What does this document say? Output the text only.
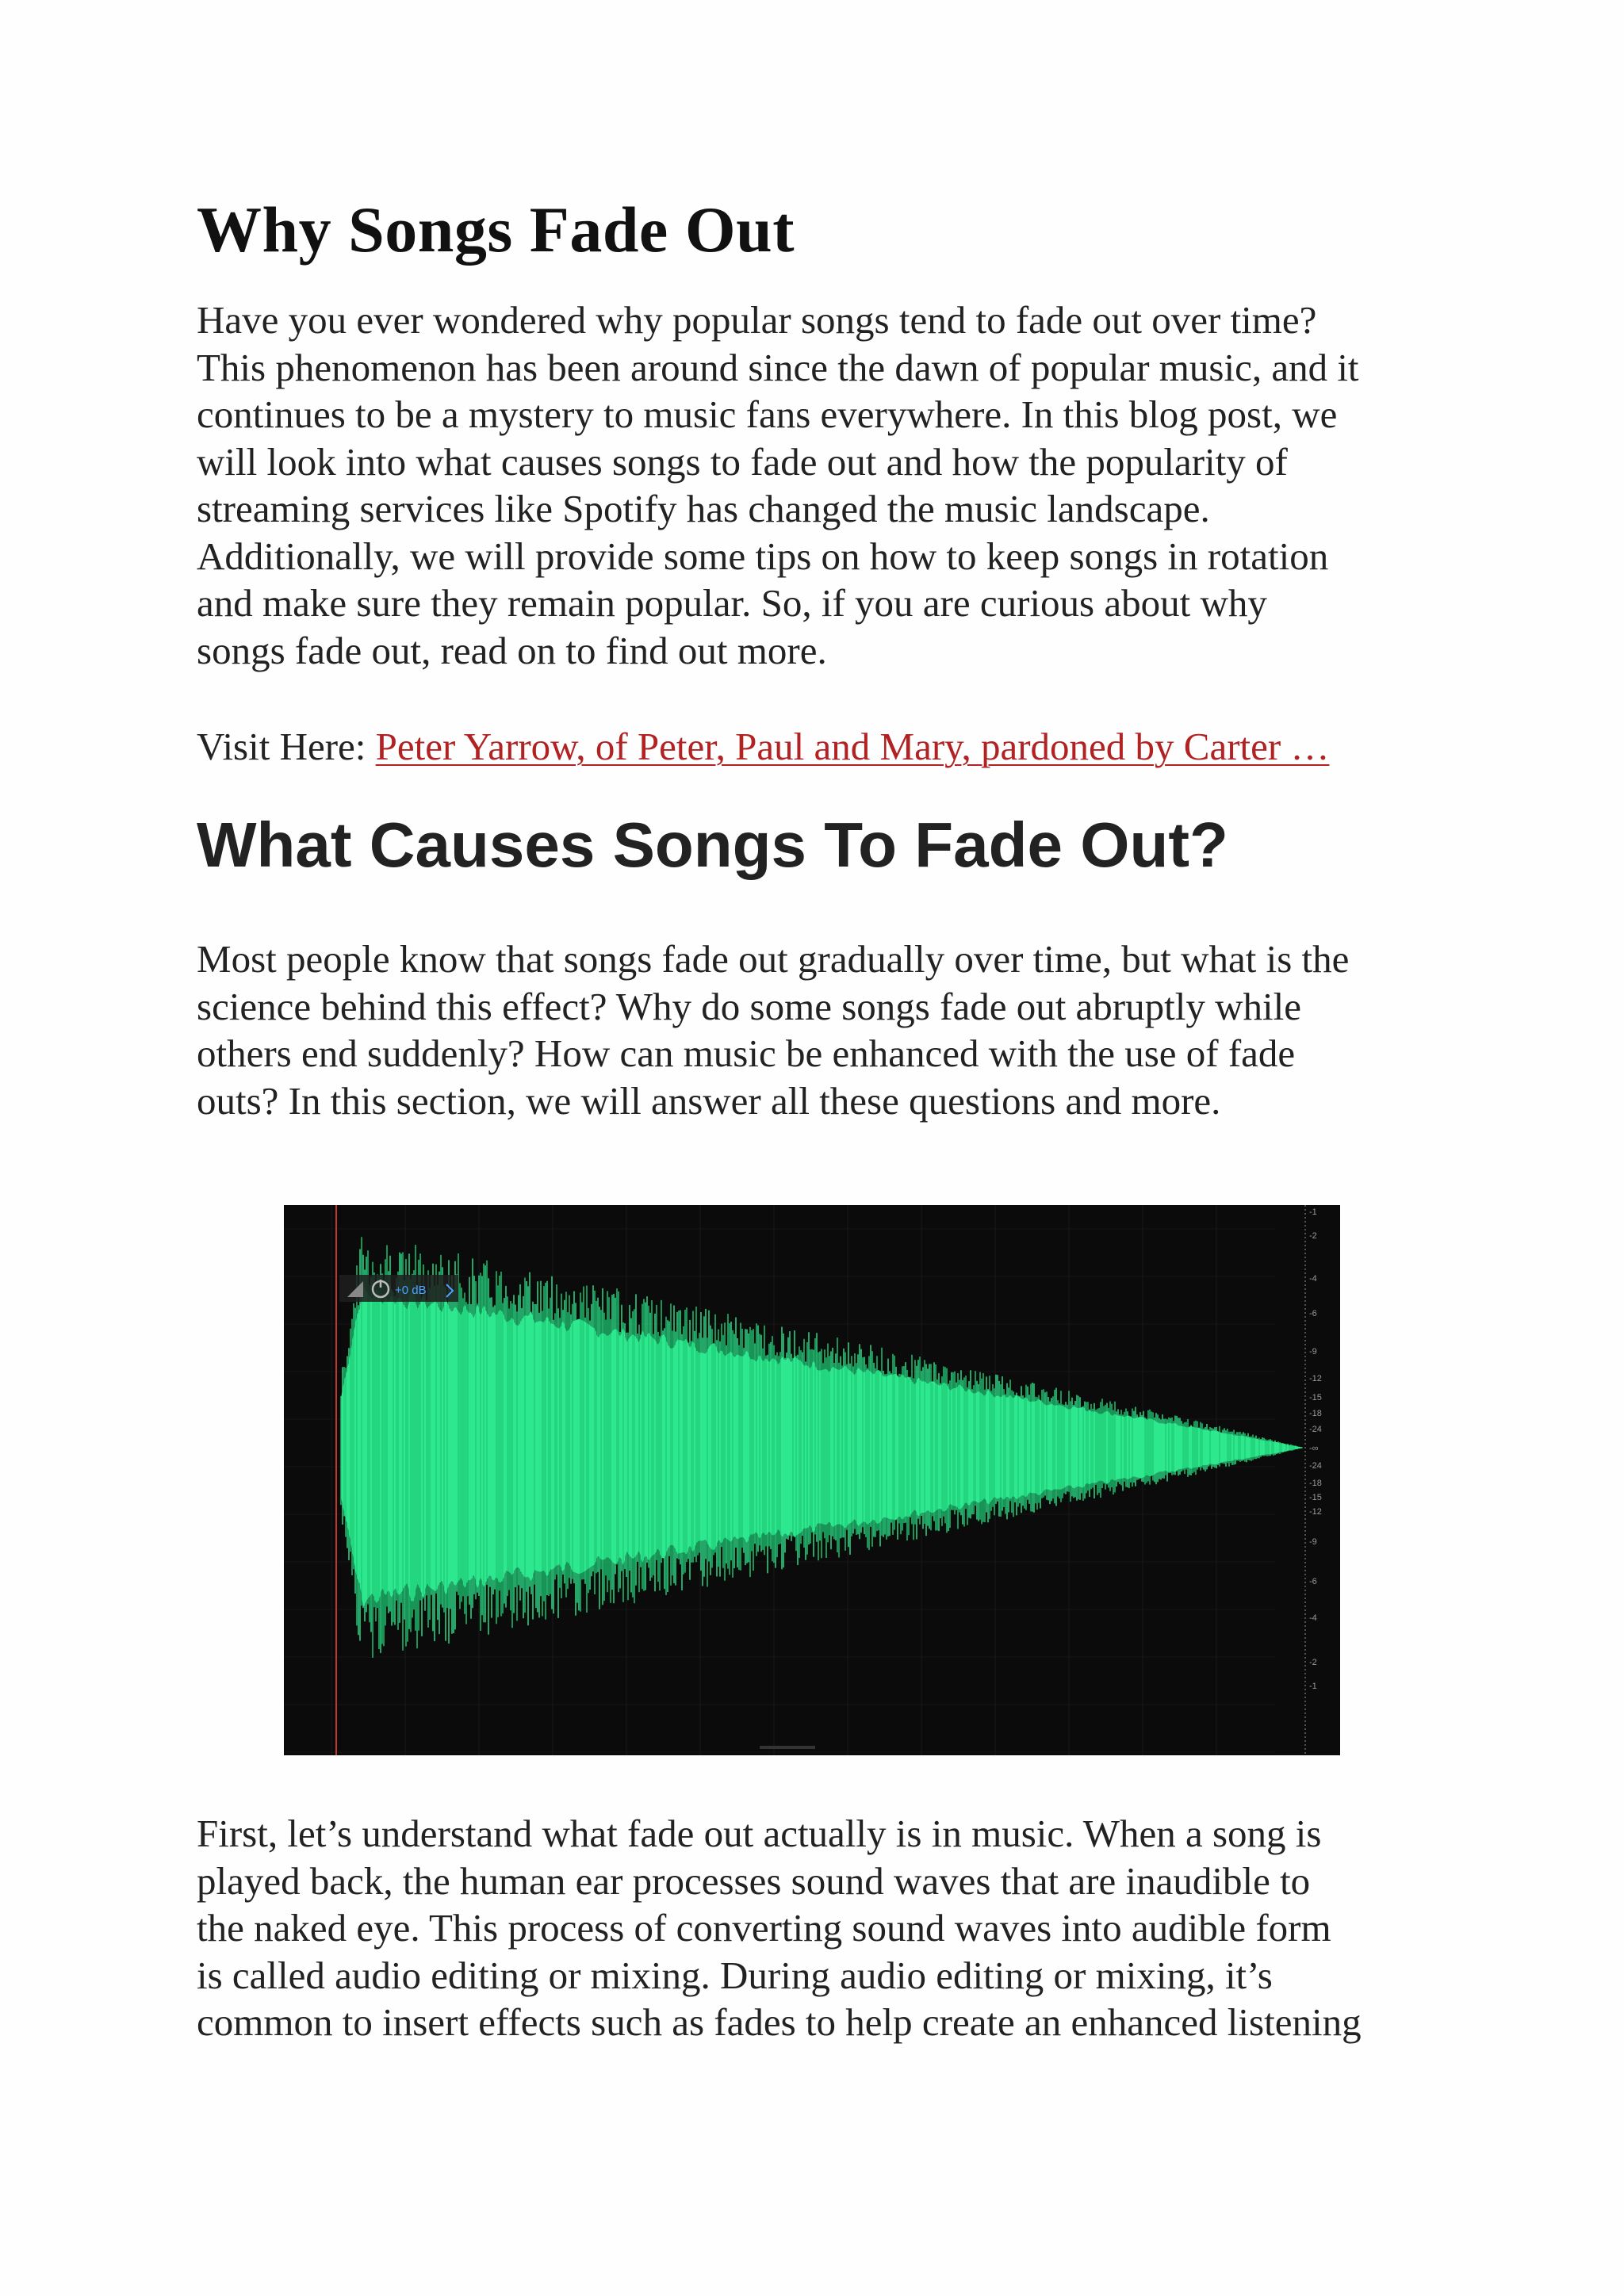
Why Songs Fade Out

Have you ever wondered why popular songs tend to fade out over time?
This phenomenon has been around since the dawn of popular music, and it
continues to be a mystery to music fans everywhere. In this blog post, we
will look into what causes songs to fade out and how the popularity of
streaming services like Spotify has changed the music landscape.
Additionally, we will provide some tips on how to keep songs in rotation
and make sure they remain popular. So, if you are curious about why
songs fade out, read on to find out more.

Visit Here: Peter Yarrow, of Peter, Paul and Mary, pardoned by Carter …

What Causes Songs To Fade Out?

Most people know that songs fade out gradually over time, but what is the
science behind this effect? Why do some songs fade out abruptly while
others end suddenly? How can music be enhanced with the use of fade
outs? In this section, we will answer all these questions and more.

+0 dB
-1
-2
-4
-6
-9
-12
-15
-18
-24
-∞
-24
-18
-15
-12
-9
-6
-4
-2
-1

First, let’s understand what fade out actually is in music. When a song is
played back, the human ear processes sound waves that are inaudible to
the naked eye. This process of converting sound waves into audible form
is called audio editing or mixing. During audio editing or mixing, it’s
common to insert effects such as fades to help create an enhanced listening
